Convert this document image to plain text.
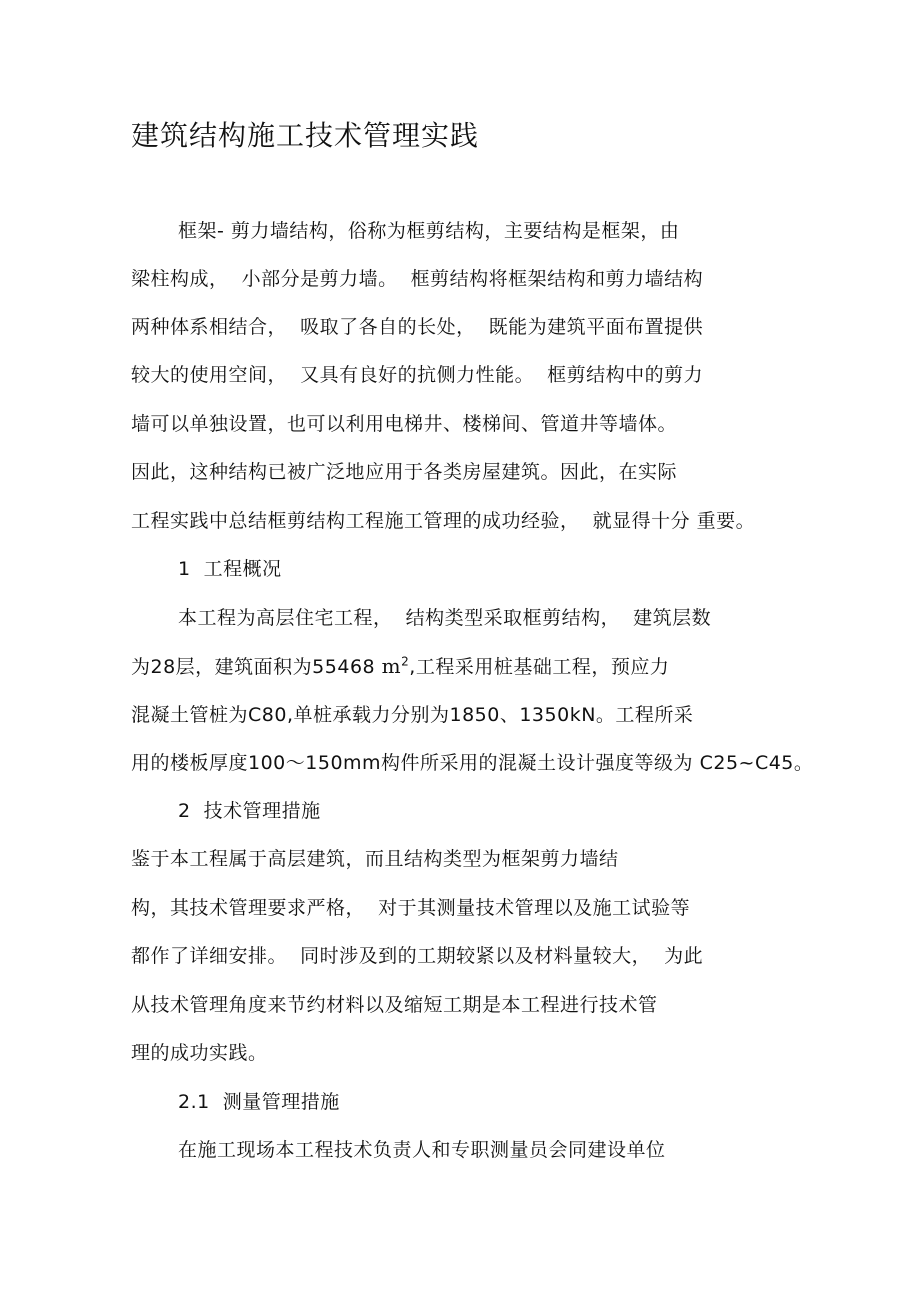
建筑结构施工技术管理实践
框架- 剪力墙结构，俗称为框剪结构，主要结构是框架，由
梁柱构成，  小部分是剪力墙。  框剪结构将框架结构和剪力墙结构
两种体系相结合，  吸取了各自的长处，  既能为建筑平面布置提供
较大的使用空间，  又具有良好的抗侧力性能。  框剪结构中的剪力
墙可以单独设置，也可以利用电梯井、楼梯间、管道井等墙体。
因此，这种结构已被广泛地应用于各类房屋建筑。因此，在实际
工程实践中总结框剪结构工程施工管理的成功经验，  就显得十分 重要。
1  工程概况
本工程为高层住宅工程，  结构类型采取框剪结构，  建筑层数
为28层，建筑面积为55468 $m^2$,工程采用桩基础工程，预应力
混凝土管桩为C80,单桩承载力分别为1850、1350kN。工程所采
用的楼板厚度100～150mm构件所采用的混凝土设计强度等级为 C25~C45。
2  技术管理措施
鉴于本工程属于高层建筑，而且结构类型为框架剪力墙结
构，其技术管理要求严格，  对于其测量技术管理以及施工试验等
都作了详细安排。  同时涉及到的工期较紧以及材料量较大，  为此
从技术管理角度来节约材料以及缩短工期是本工程进行技术管
理的成功实践。
2.1  测量管理措施
在施工现场本工程技术负责人和专职测量员会同建设单位
